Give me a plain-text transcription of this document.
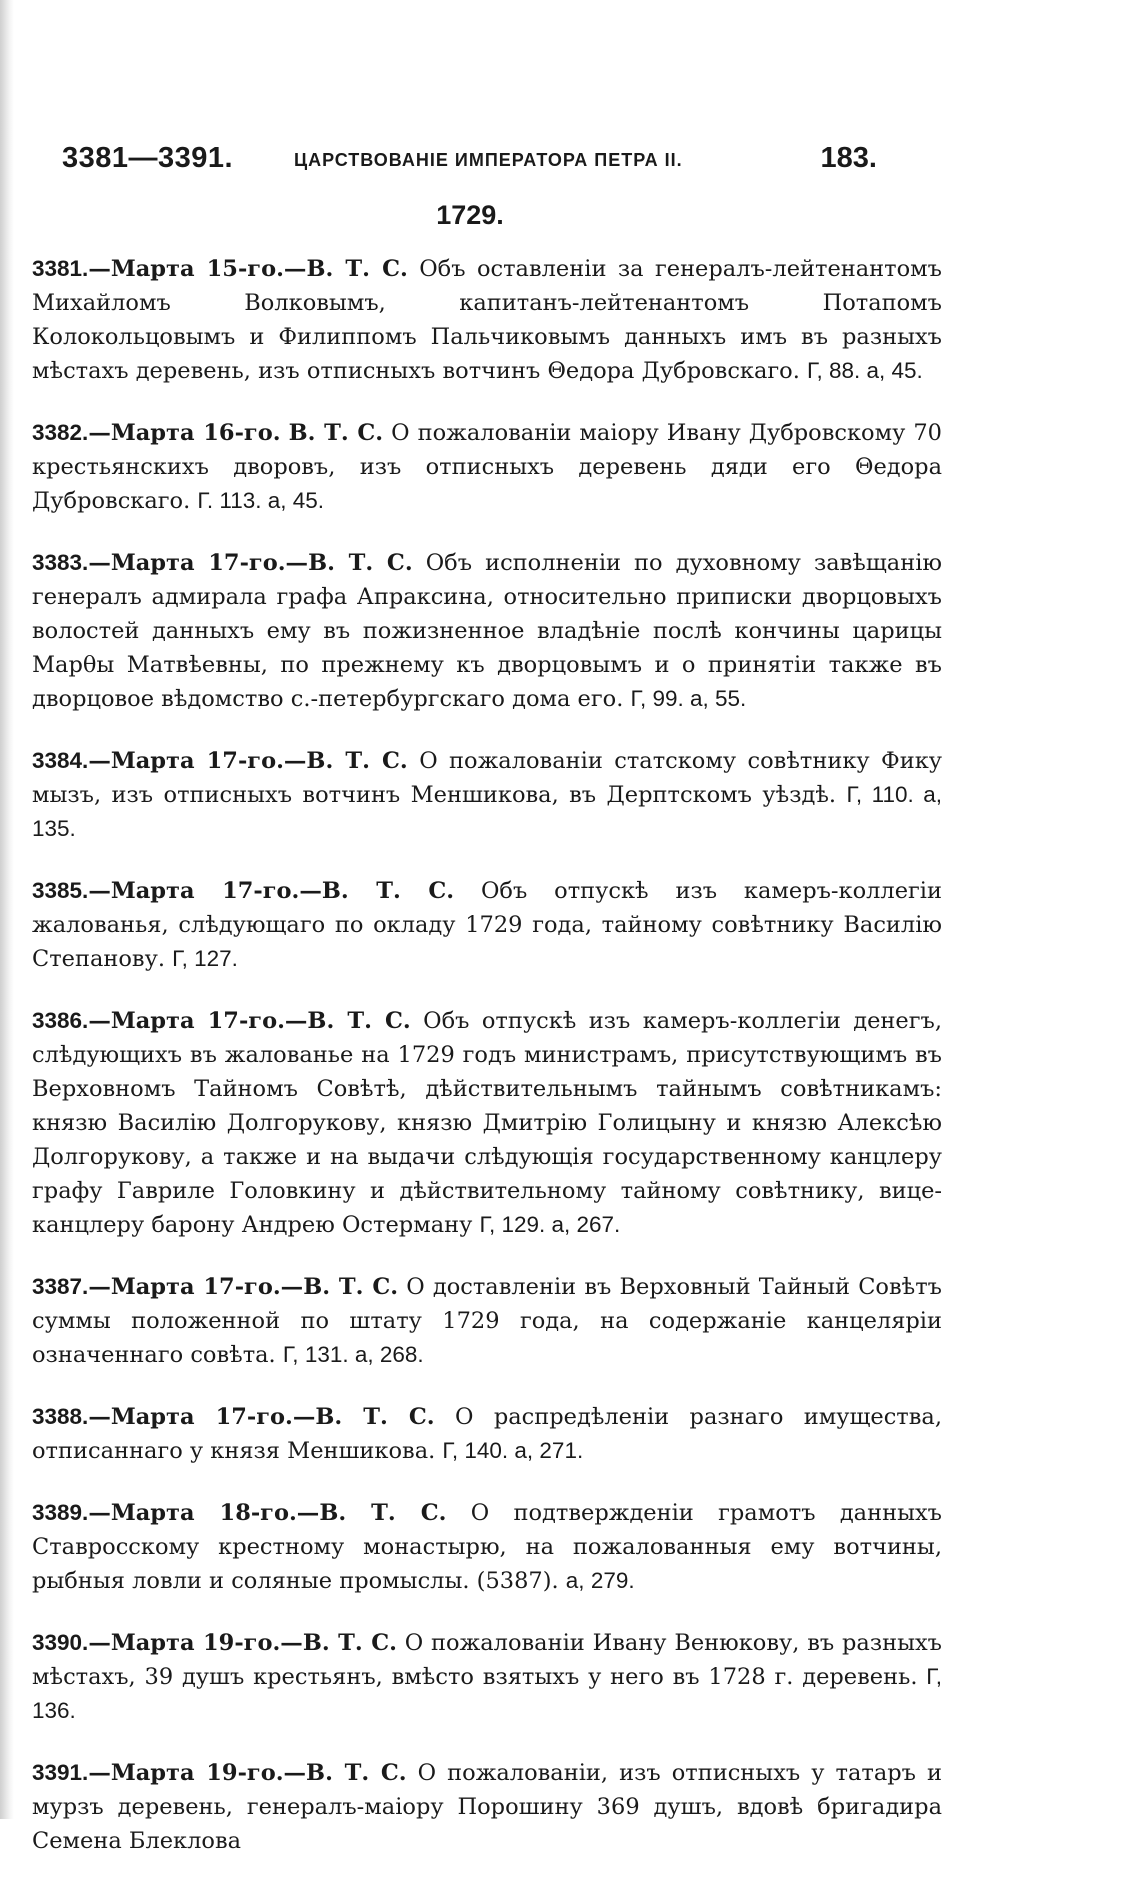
3381—3391.	ЦАРСТВОВАНІЕ ИМПЕРАТОРА ПЕТРА II.	183.
1729.

3381.—Марта 15-го.—В. Т. С. Объ оставленіи за генералъ-лейтенантомъ Михайломъ Волковымъ, капитанъ-лейтенантомъ Потапомъ Колокольцовымъ и Филиппомъ Пальчиковымъ данныхъ имъ въ разныхъ мѣстахъ деревень, изъ отписныхъ вотчинъ Θедора Дубровскаго. Г, 88. а, 45.

3382.—Марта 16-го. В. Т. С. О пожалованіи маіору Ивану Дубровскому 70 крестьянскихъ дворовъ, изъ отписныхъ деревень дяди его Θедора Дубровскаго. Г. 113. а, 45.

3383.—Марта 17-го.—В. Т. С. Объ исполненіи по духовному завѣщанію генералъ адмирала графа Апраксина, относительно приписки дворцовыхъ волостей данныхъ ему въ пожизненное владѣніе послѣ кончины царицы Марθы Матвѣевны, по прежнему къ дворцовымъ и о принятіи также въ дворцовое вѣдомство с.-петербургскаго дома его. Г, 99. а, 55.

3384.—Марта 17-го.—В. Т. С. О пожалованіи статскому совѣтнику Фику мызъ, изъ отписныхъ вотчинъ Меншикова, въ Дерптскомъ уѣздѣ. Г, 110. а, 135.

3385.—Марта 17-го.—В. Т. С. Объ отпускѣ изъ камеръ-коллегіи жалованья, слѣдующаго по окладу 1729 года, тайному совѣтнику Василію Степанову. Г, 127.

3386.—Марта 17-го.—В. Т. С. Объ отпускѣ изъ камеръ-коллегіи денегъ, слѣдующихъ въ жалованье на 1729 годъ министрамъ, присутствующимъ въ Верховномъ Тайномъ Совѣтѣ, дѣйствительнымъ тайнымъ совѣтникамъ: князю Василію Долгорукову, князю Дмитрію Голицыну и князю Алексѣю Долгорукову, а также и на выдачи слѣдующія государственному канцлеру графу Гавриле Головкину и дѣйствительному тайному совѣтнику, вице-канцлеру барону Андрею Остерману Г, 129. а, 267.

3387.—Марта 17-го.—В. Т. С. О доставленіи въ Верховный Тайный Совѣтъ суммы положенной по штату 1729 года, на содержаніе канцеляріи означеннаго совѣта. Г, 131. а, 268.

3388.—Марта 17-го.—В. Т. С. О распредѣленіи разнаго имущества, отписаннаго у князя Меншикова. Г, 140. а, 271.

3389.—Марта 18-го.—В. Т. С. О подтвержденіи грамотъ данныхъ Ставросскому крестному монастырю, на пожалованныя ему вотчины, рыбныя ловли и соляные промыслы. (5387). а, 279.

3390.—Марта 19-го.—В. Т. С. О пожалованіи Ивану Венюкову, въ разныхъ мѣстахъ, 39 душъ крестьянъ, вмѣсто взятыхъ у него въ 1728 г. деревень. Г, 136.

3391.—Марта 19-го.—В. Т. С. О пожалованіи, изъ отписныхъ у татаръ и мурзъ деревень, генералъ-маіору Порошину 369 душъ, вдовѣ бригадира Семена Блеклова
